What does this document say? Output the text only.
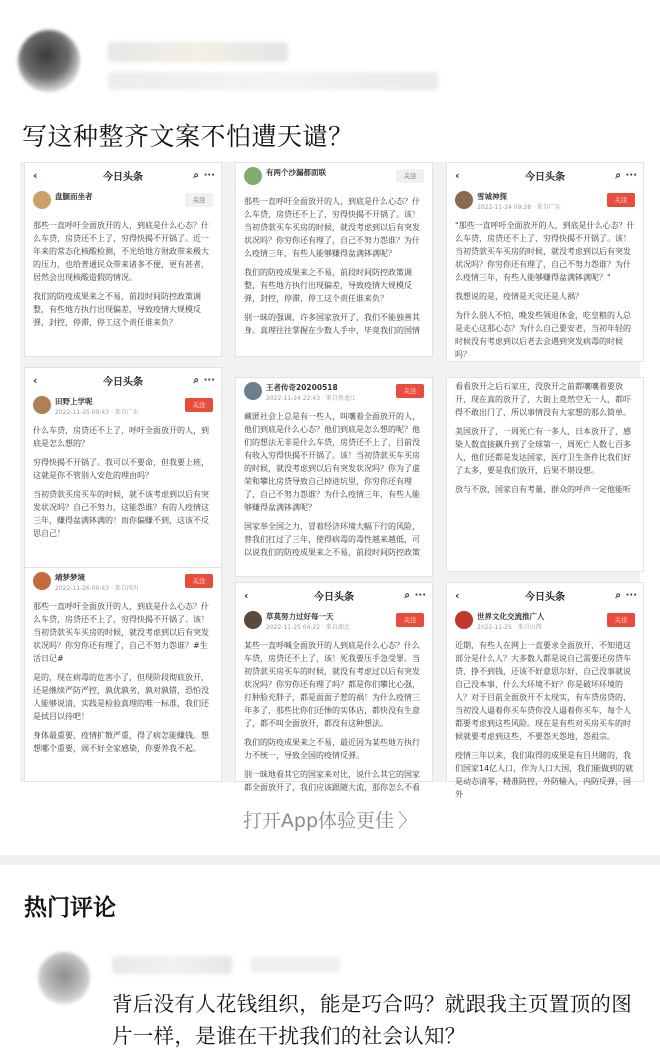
写这种整齐文案不怕遭天谴？
‹	今日头条	⌕ ···
盘腿而坐者	关注

那些一直呼吁全面放开的人，到底是什么心态？什么车贷，房贷还不上了，穷得快揭不开锅了。近一年来的常态化核酸检测，不光给地方财政带来极大的压力，也给普通民众带来诸多不便，更有甚者，居然会出现核酸造假的情况。

我们的防疫成果来之不易，前段时间防控政策调整，有些地方执行出现偏差，导致疫情大规模反弹，封控，停滞，停工这个责任谁来负？

有两个沙漏都面联	关注

那些一直呼吁全面放开的人，到底是什么心态？什么车贷，房贷还不上了，穷得快揭不开锅了。该！当初贷款买车买房的时候，就没考虑到以后有突发状况吗？你穷你还有理了，自己不努力怨谁？为什么疫情三年，有些人能够赚得盆满钵满呢？

我们的防疫成果来之不易，前段时间防控政策调整，有些地方执行出现偏差，导致疫情大规模反弹，封控，停滞，停工这个责任谁来负？

别一昧的强调，许多国家放开了，我们不能独善其身。真理往往掌握在少数人手中，毕竟我们的国情

‹	今日头条	⌕ ···
雪城神探
2022-11-24 09:28 · 来自广东
关注

"那些一直呼吁全面放开的人，到底是什么心态？什么车贷，房贷还不上了，穷得快揭不开锅了。该！当初贷款买车买房的时候，就没考虑到以后有突发状况吗？你穷你还有理了，自己不努力怨谁？为什么疫情三年，有些人能够赚得盆满钵满呢？"

我想说的是，疫情是天灾还是人祸？

为什么别人不怕，晚发些领退休金，吃皇粮的人总是走心这那心态？为什么自己要安老，当初年轻的时候没有考虑到以后老去会遇到突发病毒的时候吗？

‹	今日头条	⌕ ···
田野上学呢
2022-11-25 09:43 · 来自广东
关注

什么车贷，房贷还不上了，呼吁全面放开的人，到底是怎么想的？

穷得快揭不开锅了。我可以不要命，但我要上班，这就是你不管别人安危的理由吗？

当初贷款买房买车的时候，就不该考虑到以后有突发状况吗？自己不努力，这能怨谁？有的人疫情这三年，赚得盆满钵满的！而你偏赚不到，这该不反思自己！

王者传奇20200518
2022-11-24 22:43 · 来自黑龙江
关注

藏匿社会上总是有一些人，叫嚷着全面放开的人，他们到底是什么心态？他们到底是怎么想的呢？他们的想法无非是什么车贷，房贷还不上了，目前没有收入穷得快揭不开锅了。该！当初贷款买车买房的时候，就没考虑到以后有突发状况吗？你为了虚荣和攀比房贷导致自己掉进坑里，你穷你还有理了，自己不努力怨谁？为什么疫情三年，有些人能够赚得盆满钵满呢？

国家举全国之力，冒着经济环境大幅下行的风险，替我们扛过了三年，使得病毒的毒性越来越低，可以说我们的防疫成果来之不易，前段时间防控政策

看看放开之后石家庄，没放开之前都嚷嚷着要放开，现在真的放开了，大街上竟然空无一人，都吓得不敢出门了，所以事情没有大家想的那么简单。

美国放开了，一周死亡有一多人，日本放开了，感染人数直接飙升到了全球第一，周死亡人数七百多人，他们还都是发达国家，医疗卫生条件比我们好了太多，要是我们放开，后果不堪设想。

放与不放，国家自有考量，群众的呼声一定他能听

靖梦梦境
2022-11-26 00:43 · 来自四川
关注

那些一直呼吁全面放开的人，到底是什么心态？什么车贷，房贷还不上了，穷得快揭不开锅了。该！当初贷款买车买房的时候，就没考虑到以后有突发状况吗？你穷你还有理了，自己不努力怨谁？#生活日记#

是的，现在病毒的危害小了，但现阶段彻底放开，还是继续严防严控，孰优孰劣，孰对孰错，恐怕没人能够说清，实践是检验真理的唯一标准，我们还是拭目以待吧！

身体最重要，疫情扩散严重，得了病怎能赚钱。想想哪个重要，闹不好全家感染，你要养我不起。

‹	今日头条	⌕ ···
草莫努力过好每一天
2022-11-25 04:22 · 来自湖北
关注

某些一直呼喊全面放开的人到底是什么心态？什么车贷，房贷还不上了，该！死我要压手急受罪。当初贷款买房买车的时候，就没有考虑过以后有突发状况吗？你穷你还有理了吗？都是你们攀比心强，打肿脸充胖子，都是面面子惹的祸！为什么疫情三年多了，那些比你们还惨的实体店，都快没有生意了，都不叫全面放开，都没有这种想法。

我们的防疫成果来之不易，最近因为某些地方执行力不统一，导致全国的疫情反弹。

别一昧地看其它的国家来对比，说什么其它的国家都全面放开了，我们应该跟随大流，那你怎么不看

‹	今日头条	⌕ ···
世界文化交流推广人
2022-11-25 · 来自山西
关注

近期，有些人在网上一直要求全面放开，不知道这部分是什么人？大多数人都是说自己需要还房贷车贷，挣不到钱，还该不好意思尔好，自己没事就说自己没本事，什么大环境不好？你是破坏环境的人？对于目前全面放开不太现实，有车贷房贷的，当初没人逼着你买车贷你没人逼着你买车，每个人都要考虑到这些风险。现在是有些对买房买车的时候就要考虑到这些，不要怨天怨地，怨祖宗。

疫情三年以来，我们取得的成果是有目共睹的，我们国家14亿人口，作为人口大国，我们能做到的就是动态清零，精准防控，外防输入，内防反弹，国外

打开App体验更佳 〉
热门评论
背后没有人花钱组织，能是巧合吗？就跟我主页置顶的图片一样，是谁在干扰我们的社会认知？
